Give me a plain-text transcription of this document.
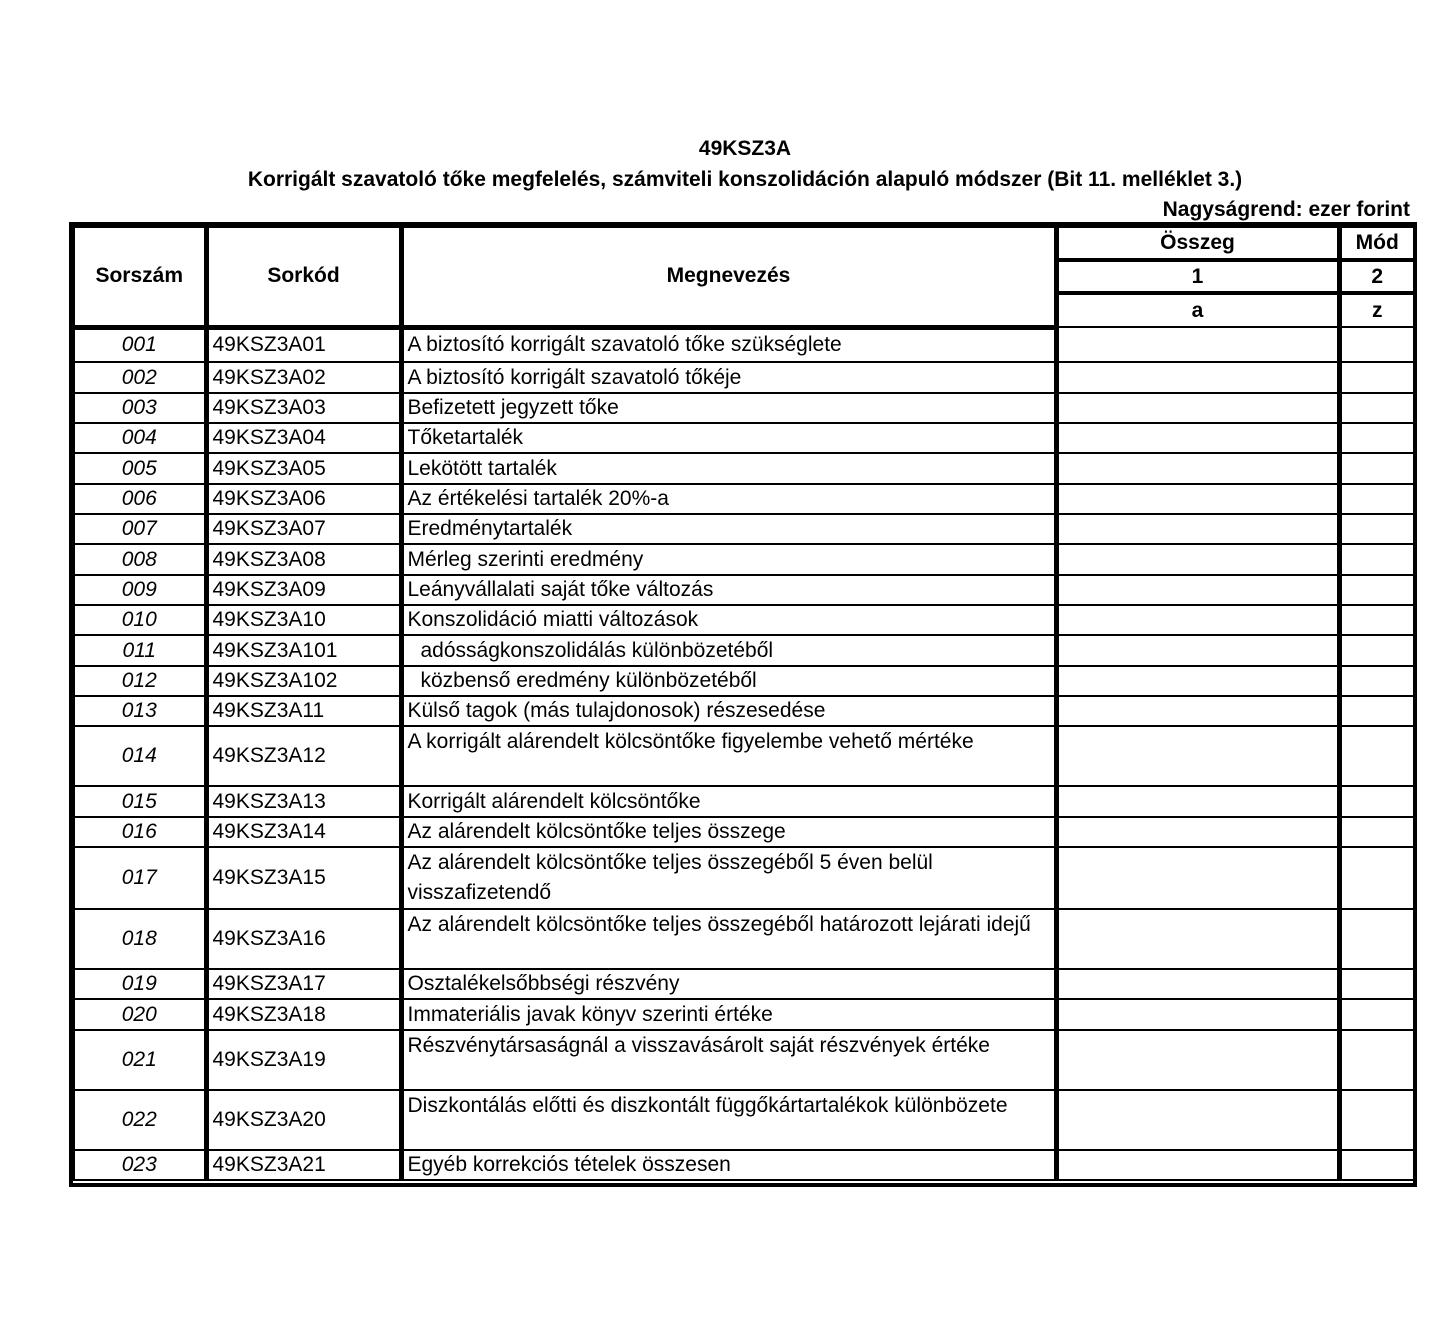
49KSZ3A
Korrigált szavatoló tőke megfelelés, számviteli konszolidáción alapuló módszer (Bit 11. melléklet 3.)
Nagyságrend: ezer forint
Sorszám	Sorkód	Megnevezés	Összeg	Mód
			1	2
			a	z
001	49KSZ3A01	A biztosító korrigált szavatoló tőke szükséglete		
002	49KSZ3A02	A biztosító korrigált szavatoló tőkéje		
003	49KSZ3A03	Befizetett jegyzett tőke		
004	49KSZ3A04	Tőketartalék		
005	49KSZ3A05	Lekötött tartalék		
006	49KSZ3A06	Az értékelési tartalék 20%-a		
007	49KSZ3A07	Eredménytartalék		
008	49KSZ3A08	Mérleg szerinti eredmény		
009	49KSZ3A09	Leányvállalati saját tőke változás		
010	49KSZ3A10	Konszolidáció miatti változások		
011	49KSZ3A101	adósságkonszolidálás különbözetéből		
012	49KSZ3A102	közbenső eredmény különbözetéből		
013	49KSZ3A11	Külső tagok (más tulajdonosok) részesedése		
014	49KSZ3A12	A korrigált alárendelt kölcsöntőke figyelembe vehető mértéke		
015	49KSZ3A13	Korrigált alárendelt kölcsöntőke		
016	49KSZ3A14	Az alárendelt kölcsöntőke teljes összege		
017	49KSZ3A15	Az alárendelt kölcsöntőke teljes összegéből 5 éven belül visszafizetendő		
018	49KSZ3A16	Az alárendelt kölcsöntőke teljes összegéből határozott lejárati idejű		
019	49KSZ3A17	Osztalékelsőbbségi részvény		
020	49KSZ3A18	Immateriális javak könyv szerinti értéke		
021	49KSZ3A19	Részvénytársaságnál a visszavásárolt saját részvények értéke		
022	49KSZ3A20	Diszkontálás előtti és diszkontált függőkártartalékok különbözete		
023	49KSZ3A21	Egyéb korrekciós tételek összesen		
